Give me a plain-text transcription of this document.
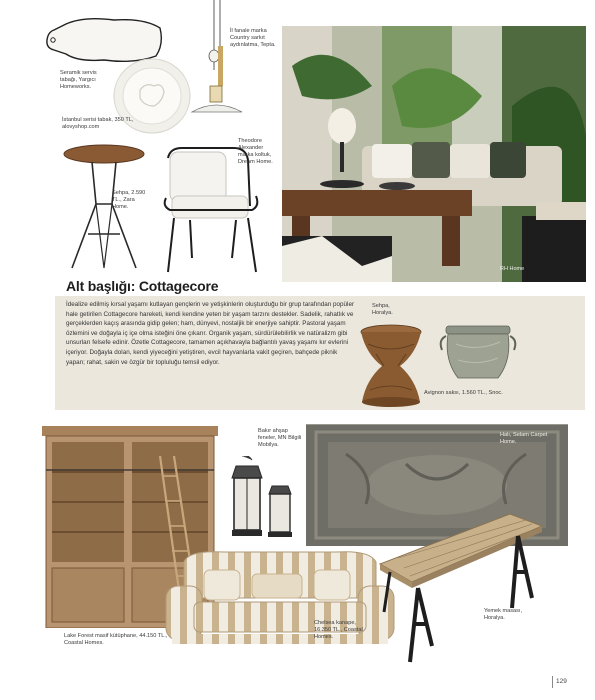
Seramik servis tabağı, Yargıcı Homeworks.
İstanbul serisi tabak, 350 TL, alovyshop.com
İl fanale marka Country sarkıt aydınlatma, Tepta.
Sehpa, 2.590 TL., Zara Home.
Theodore Alexander marka koltuk, Dream Home.
RH Home
Alt başlığı: Cottagecore
İdealize edilmiş kırsal yaşamı kutlayan gençlerin ve yetişkinlerin oluşturduğu bir grup tarafından popüler hale getirilen Cottagecore hareketi, kendi kendine yeten bir yaşam tarzını destekler. Sadelik, rahatlık ve gerçeklerden kaçış arasında gidip gelen; ham, dünyevi, nostaljik bir enerjiye sahiptir. Pastoral yaşam özlemini ve doğayla iç içe olma isteğini öne çıkarır. Organik yaşam, sürdürülebilirlik ve natüralizm gibi unsurları felsefe edinir. Özetle Cottagecore, tamamen açıkhavayla bağlantılı yavaş yaşamı kır evlerini içeriyor. Doğayla dolan, kendi yiyeceğini yetiştiren, evcil hayvanlarla vakit geçiren, bahçede piknik yapan; rahat, sakin ve özgür bir topluluğu temsil ediyor.
Sehpa, Horalya.
Avignon saksı, 1.560 TL., Snoc.
Lake Forest masif kütüphane, 44.150 TL., Coastal Homes.
Bakır ahşap feneler, MN Bilgili Mobilya.
Halı, Selam Carpet Home.
Chelsea kanape, 16.350 TL., Coastal Homes.
Yemek masası, Horalya.
129
